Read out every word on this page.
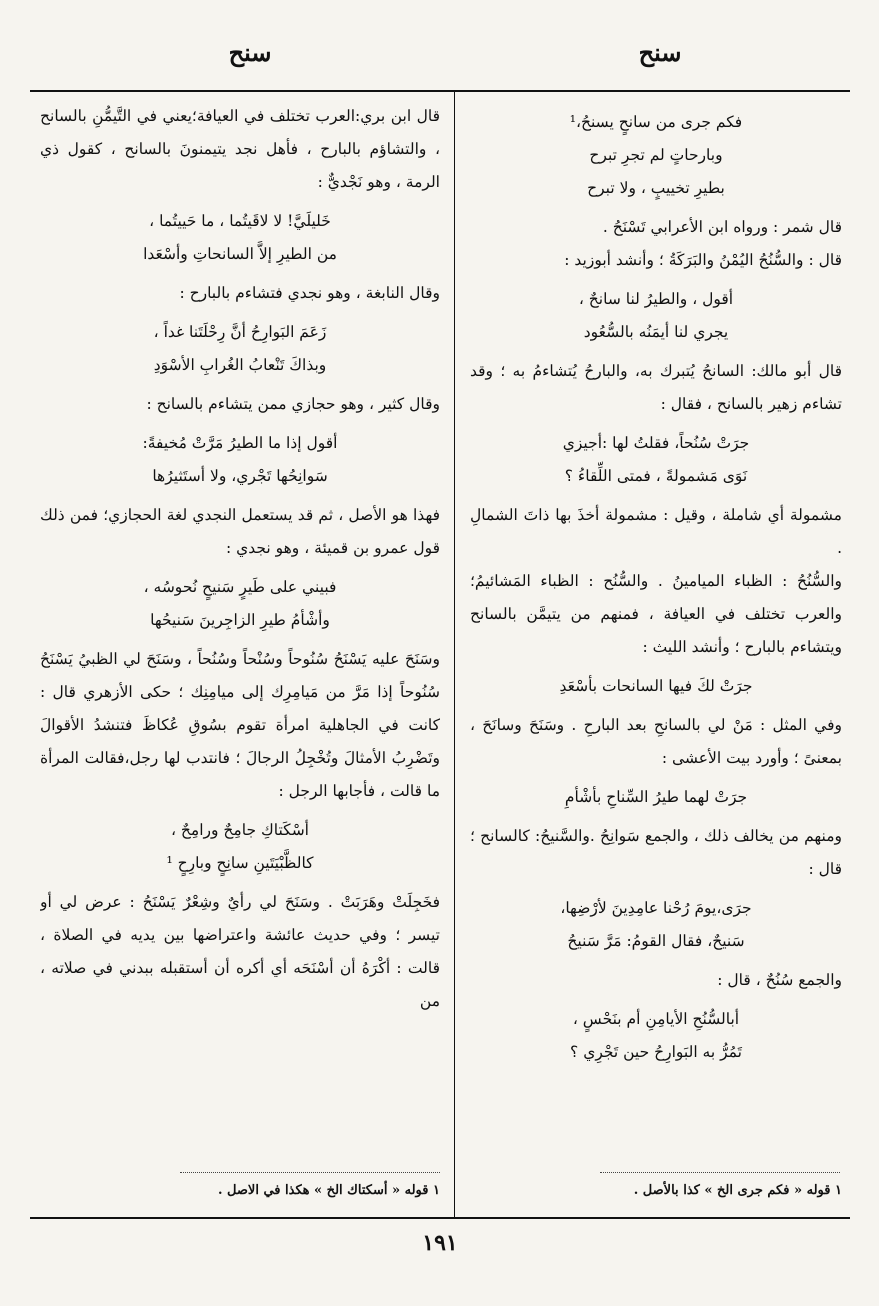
سنح
سنح

فكم جرى من سانحٍ يسنحُ،¹

وبارحاتٍ لم تجرِ تبرح

بطيرِ تخييبٍ ، ولا تبرح

قال شمر : ورواه ابن الأعرابي تَسْنَحُ .

قال : والسُّنُحُ اليُمْنُ والبَرَكَةُ ؛ وأنشد أبوزيد :

أقول ، والطيرُ لنا سانحٌ ،

يجري لنا أيمَنُه بالسُّعُود

قال أبو مالك: السانحُ يُتبرك به، والبارحُ يُتشاءمُ به ؛ وقد تشاءم زهير بالسانح ، فقال :

جرَتْ سُنُحاً، فقلتُ لها :أجيزي

نَوَى مَشمولةً ، فمتى اللِّقاءُ ؟

مشمولة أي شاملة ، وقيل : مشمولة أخذَ بها ذاتَ الشمالِ .

والسُّنُحُ : الظباء الميامينُ . والسُّنُح : الظباء المَشائيمُ؛والعرب تختلف في العيافة ، فمنهم من يتيمَّن بالسانح ويتشاءم بالبارح ؛ وأنشد الليث :

جرَتْ لكَ فيها السانحات بأسْعَدِ

وفي المثل : مَنْ لي بالسانحِ بعد البارحِ . وسَنَحَ وسانَحَ ، بمعنىً ؛ وأورد بيت الأعشى :

جرَتْ لهما طيرُ السِّناحِ بأشْأمِ

ومنهم من يخالف ذلك ، والجمع سَوانِحُ .والسَّنيحُ: كالسانح ؛ قال :

جرَى،يومَ رُحْنا عامِدِينَ لأرْضِها،

سَنيحٌ، فقال القومُ: مَرَّ سَنيحُ

والجمع سُنُحٌ ، قال :

أبالسُّنُحِ الأيامِنِ أم بنَحْسٍ ،

تَمُرُّ به البَوارِحُ حين تَجْرِي ؟

قال ابن بري:العرب تختلف في العيافة؛يعني في التَّيمُّنِ بالسانح ، والتشاؤم بالبارح ، فأهل نجد يتيمنونَ بالسانح ، كقول ذي الرمة ، وهو نَجْديٌّ :

خَليلَيَّ! لا لاقَيتُما ، ما حَييتُما ،

من الطيرِ إلاَّ السانحاتِ وأسْعَدا

وقال النابغة ، وهو نجدي فتشاءم بالبارح :

زَعَمَ البَوارِحُ أنَّ رِحْلَتَنا غداً ،

وبذاكَ تَنْعابُ الغُرابِ الأسْوَدِ

وقال كثير ، وهو حجازي ممن يتشاءم بالسانح :

أقول إذا ما الطيرُ مَرَّتْ مُخيفةً:

سَوانِحُها تَجْري، ولا أستَثيرُها

فهذا هو الأصل ، ثم قد يستعمل النجدي لغة الحجازي؛ فمن ذلك قول عمرو بن قميئة ، وهو نجدي :

فبيني على طَيرٍ سَنيحٍ نُحوسُه ،

وأشْأمُ طيرِ الزاجِرينَ سَنيحُها

وسَنَحَ عليه يَسْنَحُ سُنُوحاً وسُنْحاً وسُنُحاً ، وسَنَحَ لي الظبيُ يَسْنَحُ سُنُوحاً إذا مَرَّ من مَيامِرِك إلى ميامِنِك ؛ حكى الأزهري قال : كانت في الجاهلية امرأة تقوم بسُوقِ عُكاظَ فتنشدُ الأقوالَ وتَضْرِبُ الأمثالَ وتُخْجِلُ الرجالَ ؛ فانتدب لها رجل،فقالت المرأة ما قالت ، فأجابها الرجل :

أسْكَتاكِ جامِحٌ ورامِحٌ ،

كالظَّبْيَتَينِ سانِحٍ وبارِحٍ ¹

فخَجِلَتْ وهَرَبَتْ . وسَنَحَ لي رأيٌ وشِعْرٌ يَسْنَحُ : عرض لي أو تيسر ؛ وفي حديث عائشة واعتراضها بين يديه في الصلاة ، قالت : أكْرَهُ أن أسْنَحَه أي أكره أن أستقبله ببدني في صلاته ، من

١ قوله « فكم جرى الخ » كذا بالأصل .
١ قوله « أسكتاك الخ » هكذا في الاصل .
١٩١
